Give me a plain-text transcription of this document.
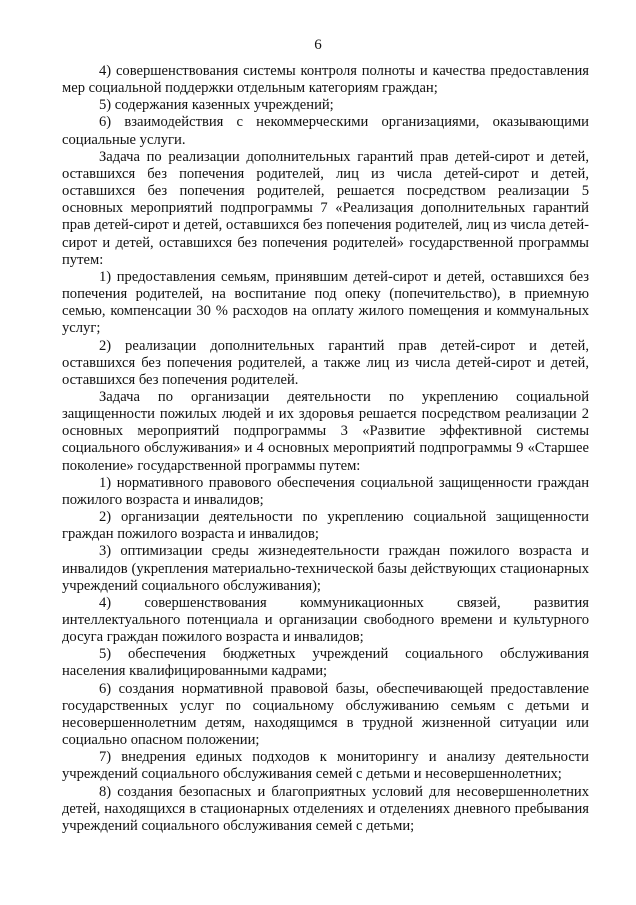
6

4) совершенствования системы контроля полноты и качества предоставления мер социальной поддержки отдельным категориям граждан;

5) содержания казенных учреждений;

6) взаимодействия с некоммерческими организациями, оказывающими социальные услуги.

Задача по реализации дополнительных гарантий прав детей-сирот и детей, оставшихся без попечения родителей, лиц из числа детей-сирот и детей, оставшихся без попечения родителей, решается посредством реализации 5 основных мероприятий подпрограммы 7 «Реализация дополнительных гарантий прав детей-сирот и детей, оставшихся без попечения родителей, лиц из числа детей-сирот и детей, оставшихся без попечения родителей» государственной программы путем:

1) предоставления семьям, принявшим детей-сирот и детей, оставшихся без попечения родителей, на воспитание под опеку (попечительство), в приемную семью, компенсации 30 % расходов на оплату жилого помещения и коммунальных услуг;

2) реализации дополнительных гарантий прав детей-сирот и детей, оставшихся без попечения родителей, а также лиц из числа детей-сирот и детей, оставшихся без попечения родителей.

Задача по организации деятельности по укреплению социальной защищенности пожилых людей и их здоровья решается посредством реализации 2 основных мероприятий подпрограммы 3 «Развитие эффективной системы социального обслуживания» и 4 основных мероприятий подпрограммы 9 «Старшее поколение» государственной программы путем:

1) нормативного правового обеспечения социальной защищенности граждан пожилого возраста и инвалидов;

2) организации деятельности по укреплению социальной защищенности граждан пожилого возраста и инвалидов;

3) оптимизации среды жизнедеятельности граждан пожилого возраста и инвалидов (укрепления материально-технической базы действующих стационарных учреждений социального обслуживания);

4) совершенствования коммуникационных связей, развития интеллектуального потенциала и организации свободного времени и культурного досуга граждан пожилого возраста и инвалидов;

5) обеспечения бюджетных учреждений социального обслуживания населения квалифицированными кадрами;

6) создания нормативной правовой базы, обеспечивающей предоставление государственных услуг по социальному обслуживанию семьям с детьми и несовершеннолетним детям, находящимся в трудной жизненной ситуации или социально опасном положении;

7) внедрения единых подходов к мониторингу и анализу деятельности учреждений социального обслуживания семей с детьми и несовершеннолетних;

8) создания безопасных и благоприятных условий для несовершеннолетних детей, находящихся в стационарных отделениях и отделениях дневного пребывания учреждений социального обслуживания семей с детьми;
